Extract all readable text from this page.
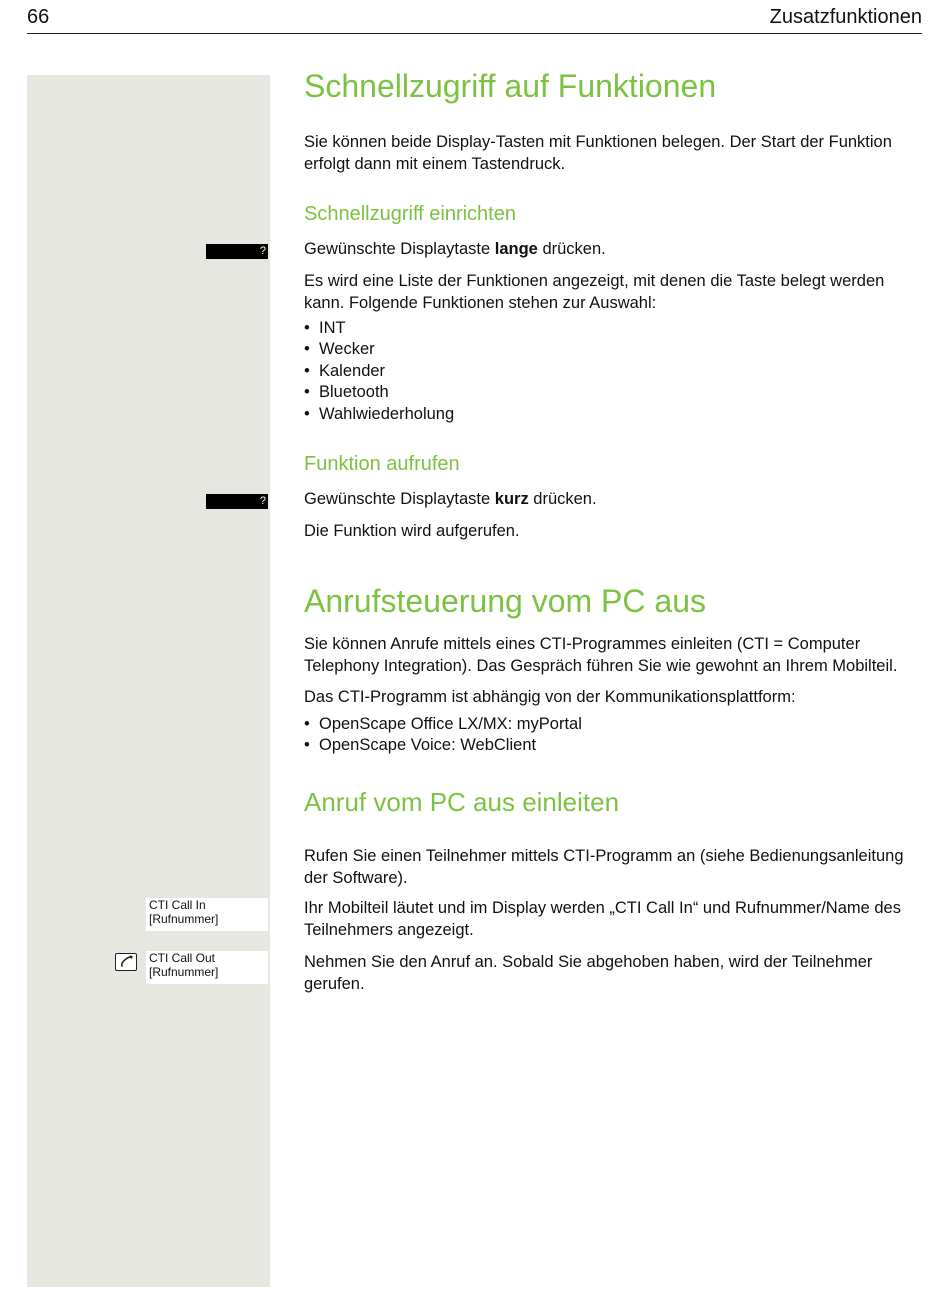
66	Zusatzfunktionen
Schnellzugriff auf Funktionen

Sie können beide Display-Tasten mit Funktionen belegen. Der Start der Funktion erfolgt dann mit einem Tastendruck.

Schnellzugriff einrichten
? Gewünschte Displaytaste lange drücken.

Es wird eine Liste der Funktionen angezeigt, mit denen die Taste belegt werden kann. Folgende Funktionen stehen zur Auswahl:

• INT
• Wecker
• Kalender
• Bluetooth
• Wahlwiederholung
Funktion aufrufen
? Gewünschte Displaytaste kurz drücken.

Die Funktion wird aufgerufen.

Anrufsteuerung vom PC aus

Sie können Anrufe mittels eines CTI-Programmes einleiten (CTI = Computer Telephony Integration). Das Gespräch führen Sie wie gewohnt an Ihrem Mobilteil.

Das CTI-Programm ist abhängig von der Kommunikationsplattform:

• OpenScape Office LX/MX: myPortal
• OpenScape Voice: WebClient
Anruf vom PC aus einleiten

Rufen Sie einen Teilnehmer mittels CTI-Programm an (siehe Bedienungsanleitung der Software).

CTI Call In
[Rufnummer]

Ihr Mobilteil läutet und im Display werden „CTI Call In“ und Rufnummer/Name des Teilnehmers angezeigt.

CTI Call Out
[Rufnummer]

Nehmen Sie den Anruf an. Sobald Sie abgehoben haben, wird der Teilnehmer gerufen.
